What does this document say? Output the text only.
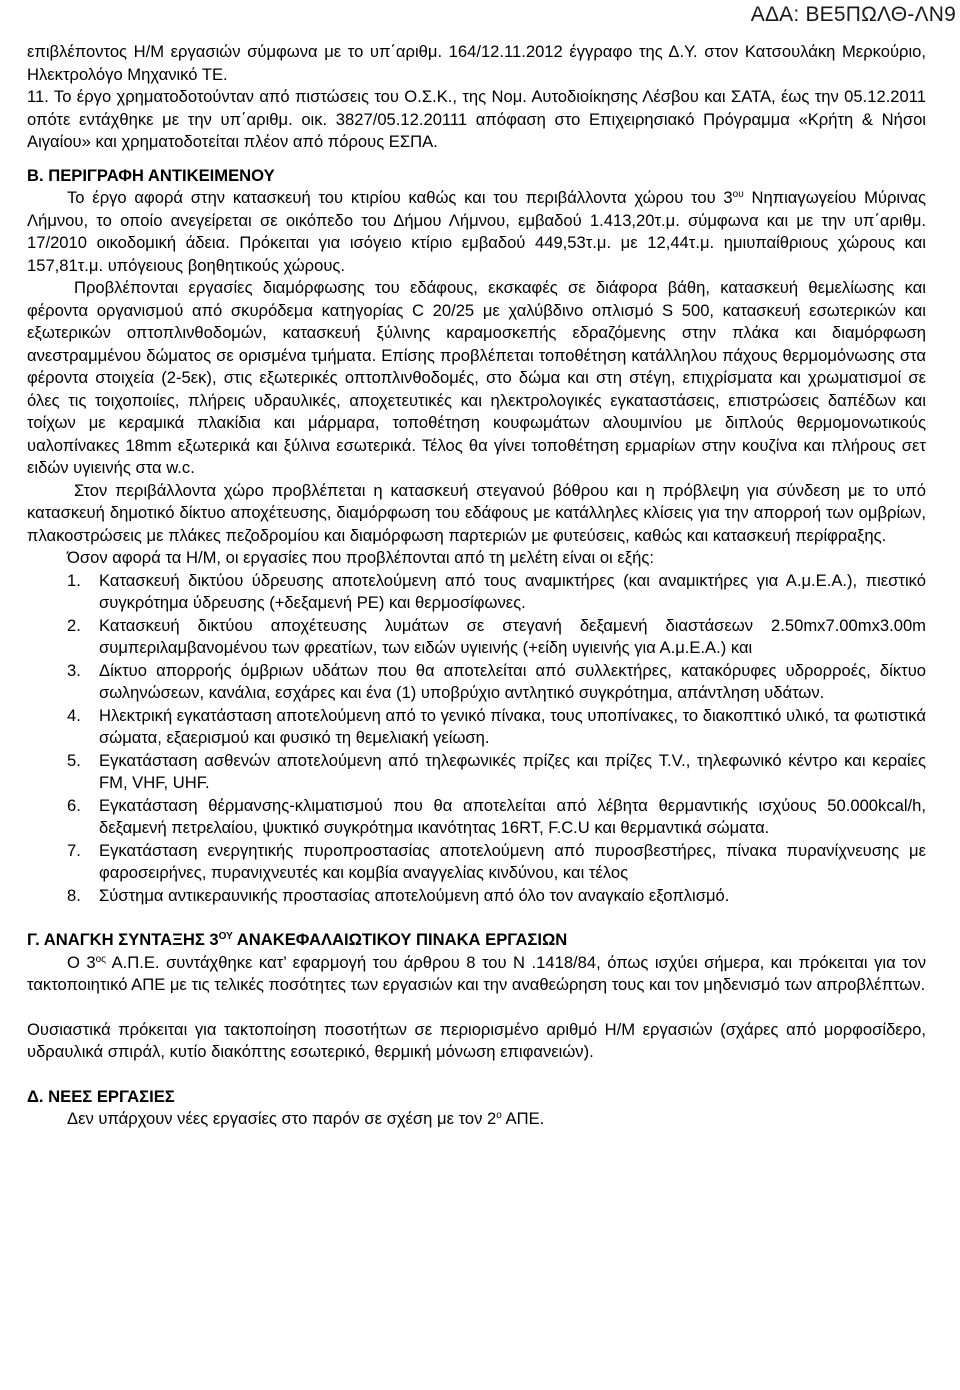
ΑΔΑ: ΒΕ5ΠΩΛΘ-ΛΝ9

επιβλέποντος Η/Μ εργασιών σύμφωνα με το υπ΄αριθμ. 164/12.11.2012 έγγραφο της Δ.Υ. στον Κατσουλάκη Μερκούριο, Ηλεκτρολόγο Μηχανικό ΤΕ.

11. Το έργο χρηματοδοτούνταν από πιστώσεις του Ο.Σ.Κ., της Νομ. Αυτοδιοίκησης Λέσβου και ΣΑΤΑ, έως την 05.12.2011 οπότε εντάχθηκε με την υπ΄αριθμ. οικ. 3827/05.12.20111 απόφαση στο Επιχειρησιακό Πρόγραμμα «Κρήτη & Νήσοι Αιγαίου» και χρηματοδοτείται πλέον από πόρους ΕΣΠΑ.

Β. ΠΕΡΙΓΡΑΦΗ ΑΝΤΙΚΕΙΜΕΝΟΥ

Το έργο αφορά στην κατασκευή του κτιρίου καθώς και του περιβάλλοντα χώρου του $3^{o\upsilon}$ Νηπιαγωγείου Μύρινας Λήμνου, το οποίο ανεγείρεται σε οικόπεδο του Δήμου Λήμνου, εμβαδού 1.413,20τ.μ. σύμφωνα και με την υπ΄αριθμ. 17/2010 οικοδομική άδεια. Πρόκειται για ισόγειο κτίριο εμβαδού 449,53τ.μ. με 12,44τ.μ. ημιυπαίθριους χώρους και 157,81τ.μ. υπόγειους βοηθητικούς χώρους.

Προβλέπονται εργασίες διαμόρφωσης του εδάφους, εκσκαφές σε διάφορα βάθη, κατασκευή θεμελίωσης και φέροντα οργανισμού από σκυρόδεμα κατηγορίας C 20/25 με χαλύβδινο οπλισμό S 500, κατασκευή εσωτερικών και εξωτερικών οπτοπλινθοδομών, κατασκευή ξύλινης καραμοσκεπής εδραζόμενης στην πλάκα και διαμόρφωση ανεστραμμένου δώματος σε ορισμένα τμήματα. Επίσης προβλέπεται τοποθέτηση κατάλληλου πάχους θερμομόνωσης στα φέροντα στοιχεία (2-5εκ), στις εξωτερικές οπτοπλινθοδομές, στο δώμα και στη στέγη, επιχρίσματα και χρωματισμοί σε όλες τις τοιχοποιίες, πλήρεις υδραυλικές, αποχετευτικές και ηλεκτρολογικές εγκαταστάσεις, επιστρώσεις δαπέδων και τοίχων με κεραμικά πλακίδια και μάρμαρα, τοποθέτηση κουφωμάτων αλουμινίου με διπλούς θερμομονωτικούς υαλοπίνακες 18mm εξωτερικά και ξύλινα εσωτερικά. Τέλος θα γίνει τοποθέτηση ερμαρίων στην κουζίνα και πλήρους σετ ειδών υγιεινής στα w.c.

Στον περιβάλλοντα χώρο προβλέπεται η κατασκευή στεγανού βόθρου και η πρόβλεψη για σύνδεση με το υπό κατασκευή δημοτικό δίκτυο αποχέτευσης, διαμόρφωση του εδάφους με κατάλληλες κλίσεις για την απορροή των ομβρίων, πλακοστρώσεις με πλάκες πεζοδρομίου και διαμόρφωση παρτεριών με φυτεύσεις, καθώς και κατασκευή περίφραξης.

Όσον αφορά τα Η/Μ, οι εργασίες που προβλέπονται από τη μελέτη είναι οι εξής:

1. Κατασκευή δικτύου ύδρευσης αποτελούμενη από τους αναμικτήρες (και αναμικτήρες για Α.μ.Ε.Α.), πιεστικό συγκρότημα ύδρευσης (+δεξαμενή PE) και θερμοσίφωνες.
2. Κατασκευή δικτύου αποχέτευσης λυμάτων σε στεγανή δεξαμενή διαστάσεων 2.50mx7.00mx3.00m συμπεριλαμβανομένου των φρεατίων, των ειδών υγιεινής (+είδη υγιεινής για Α.μ.Ε.Α.) και
3. Δίκτυο απορροής όμβριων υδάτων που θα αποτελείται από συλλεκτήρες, κατακόρυφες υδρορροές, δίκτυο σωληνώσεων, κανάλια, εσχάρες και ένα (1) υποβρύχιο αντλητικό συγκρότημα, απάντληση υδάτων.
4. Ηλεκτρική εγκατάσταση αποτελούμενη από το γενικό πίνακα, τους υποπίνακες, το διακοπτικό υλικό, τα φωτιστικά σώματα, εξαερισμού και φυσικό τη θεμελιακή γείωση.
5. Εγκατάσταση ασθενών αποτελούμενη από τηλεφωνικές πρίζες και πρίζες T.V., τηλεφωνικό κέντρο και κεραίες FM, VHF, UHF.
6. Εγκατάσταση θέρμανσης-κλιματισμού που θα αποτελείται από λέβητα θερμαντικής ισχύους 50.000kcal/h, δεξαμενή πετρελαίου, ψυκτικό συγκρότημα ικανότητας 16RT, F.C.U και θερμαντικά σώματα.
7. Εγκατάσταση ενεργητικής πυροπροστασίας αποτελούμενη από πυροσβεστήρες, πίνακα πυρανίχνευσης με φαροσειρήνες, πυρανιχνευτές και κομβία αναγγελίας κινδύνου, και τέλος
8. Σύστημα αντικεραυνικής προστασίας αποτελούμενη από όλο τον αναγκαίο εξοπλισμό.

Γ. ΑΝΑΓΚΗ ΣΥΝΤΑΞΗΣ $3^{O\Upsilon}$ ΑΝΑΚΕΦΑΛΑΙΩΤΙΚΟΥ ΠΙΝΑΚΑ ΕΡΓΑΣΙΩΝ

Ο $3^{o\varsigma}$ Α.Π.Ε. συντάχθηκε κατ’ εφαρμογή του άρθρου 8 του Ν .1418/84, όπως ισχύει σήμερα, και πρόκειται για τον τακτοποιητικό ΑΠΕ με τις τελικές ποσότητες των εργασιών και την αναθεώρηση τους και τον μηδενισμό των απροβλέπτων.

Ουσιαστικά πρόκειται για τακτοποίηση ποσοτήτων σε περιορισμένο αριθμό Η/Μ εργασιών (σχάρες από μορφοσίδερο, υδραυλικά σπιράλ, κυτίο διακόπτης εσωτερικό, θερμική μόνωση επιφανειών).

Δ. ΝΕΕΣ ΕΡΓΑΣΙΕΣ

Δεν υπάρχουν νέες εργασίες στο παρόν σε σχέση με τον $2^o$ ΑΠΕ.
